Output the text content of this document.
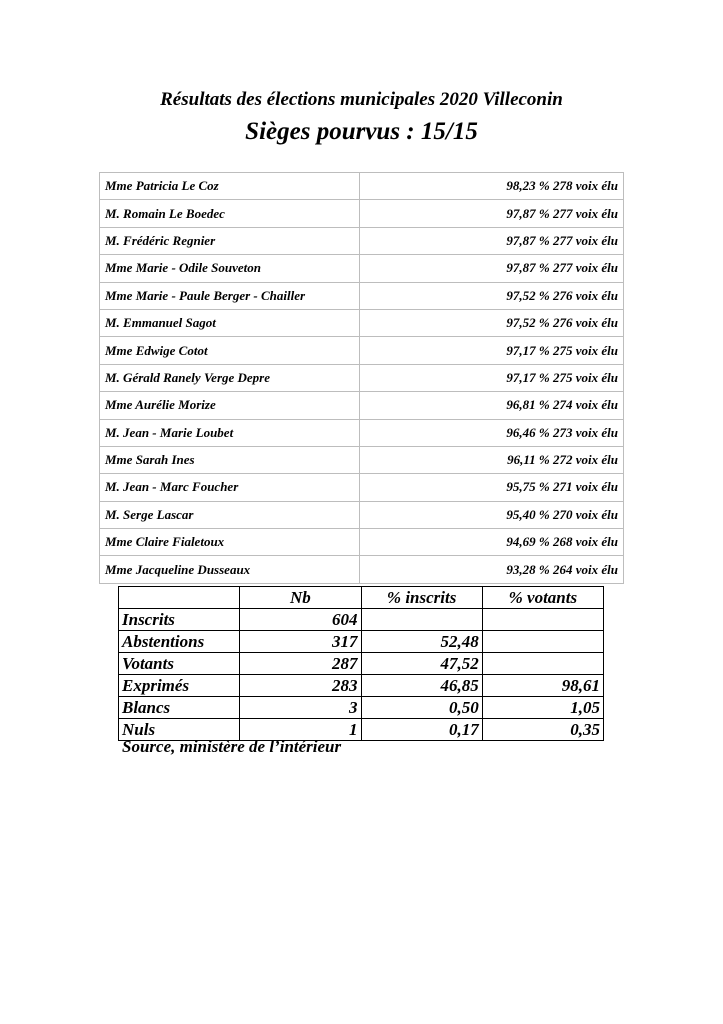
Résultats des élections municipales 2020 Villeconin
Sièges pourvus : 15/15
Mme Patricia Le Coz	98,23 % 278 voix élu
M. Romain Le Boedec	97,87 % 277 voix élu
M. Frédéric Regnier	97,87 % 277 voix élu
Mme Marie - Odile Souveton	97,87 % 277 voix élu
Mme Marie - Paule Berger - Chailler	97,52 % 276 voix élu
M. Emmanuel Sagot	97,52 % 276 voix élu
Mme Edwige Cotot	97,17 % 275 voix élu
M. Gérald Ranely Verge Depre	97,17 % 275 voix élu
Mme Aurélie Morize	96,81 % 274 voix élu
M. Jean - Marie Loubet	96,46 % 273 voix élu
Mme Sarah Ines	96,11 % 272 voix élu
M. Jean - Marc Foucher	95,75 % 271 voix élu
M. Serge Lascar	95,40 % 270 voix élu
Mme Claire Fialetoux	94,69 % 268 voix élu
Mme Jacqueline Dusseaux	93,28 % 264 voix élu
	Nb	% inscrits	% votants
Inscrits	604		
Abstentions	317	52,48	
Votants	287	47,52	
Exprimés	283	46,85	98,61
Blancs	3	0,50	1,05
Nuls	1	0,17	0,35
Source, ministère de l’intérieur
